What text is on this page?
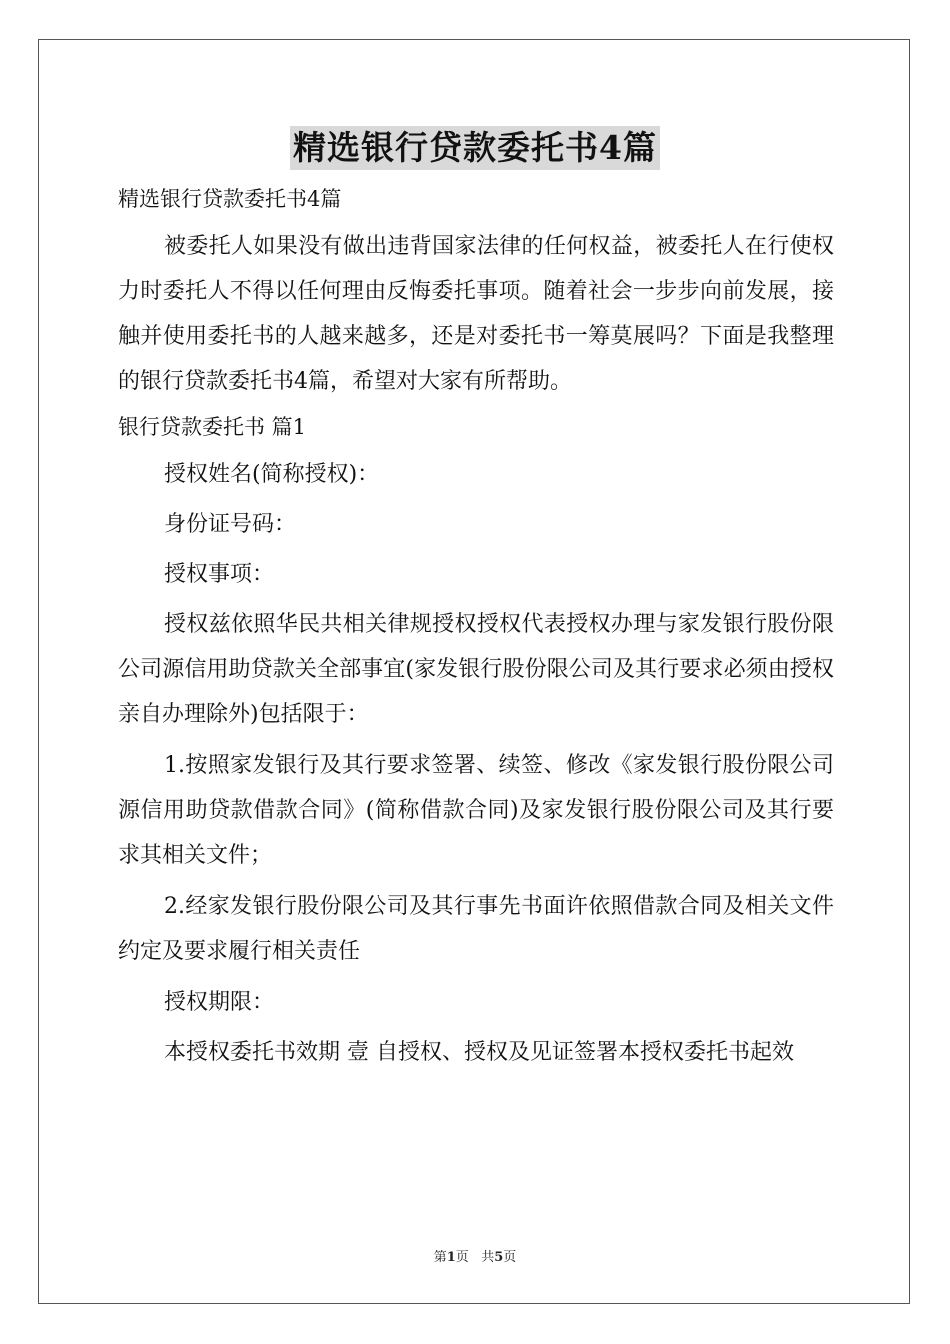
精选银行贷款委托书4篇

精选银行贷款委托书4篇

被委托人如果没有做出违背国家法律的任何权益，被委托人在行使权力时委托人不得以任何理由反悔委托事项。随着社会一步步向前发展，接触并使用委托书的人越来越多，还是对委托书一筹莫展吗？下面是我整理的银行贷款委托书4篇，希望对大家有所帮助。

银行贷款委托书 篇1

授权姓名(简称授权)：

身份证号码：

授权事项：

授权兹依照华民共相关律规授权授权代表授权办理与家发银行股份限公司源信用助贷款关全部事宜(家发银行股份限公司及其行要求必须由授权亲自办理除外)包括限于：

1.按照家发银行及其行要求签署、续签、修改《家发银行股份限公司源信用助贷款借款合同》(简称借款合同)及家发银行股份限公司及其行要求其相关文件；

2.经家发银行股份限公司及其行事先书面许依照借款合同及相关文件约定及要求履行相关责任

授权期限：

本授权委托书效期 壹 自授权、授权及见证签署本授权委托书起效

第1页 共5页
